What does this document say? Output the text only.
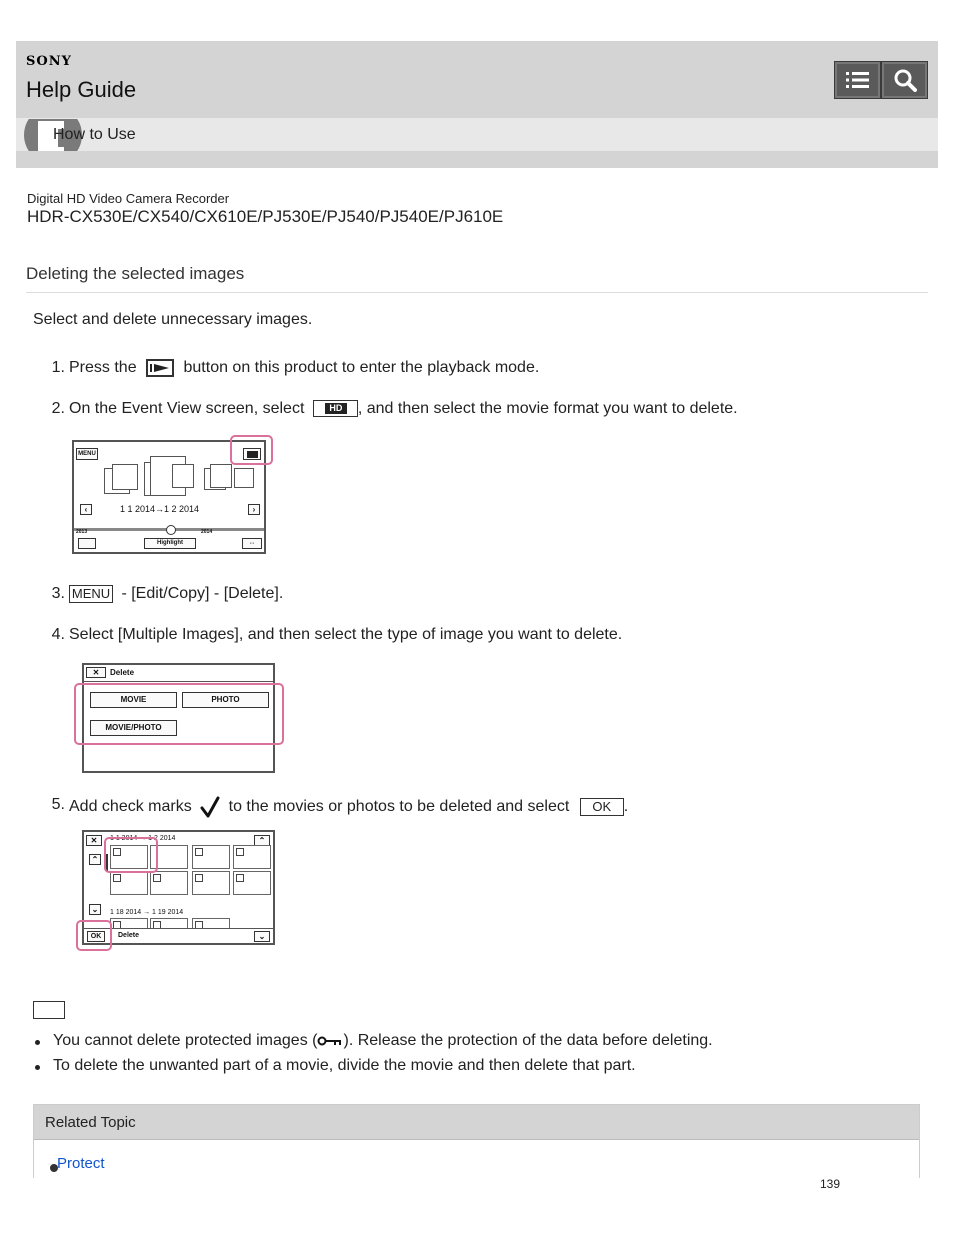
SONY
Help Guide
How to Use
Digital HD Video Camera Recorder
HDR-CX530E/CX540/CX610E/PJ530E/PJ540/PJ540E/PJ610E
Deleting the selected images
Select and delete unnecessary images.
1. Press the	button on this product to enter the playback mode.
2. On the Event View screen, select	HD , and then select the movie format you want to delete.
MENU
‹	›
1 1 2014→1 2 2014
2013	2014
Highlight	⇔
3. MENU - [Edit/Copy] - [Delete].
4. Select [Multiple Images], and then select the type of image you want to delete.
✕	Delete
MOVIE	PHOTO
MOVIE/PHOTO
5. Add check marks to the movies or photos to be deleted and select OK .
✕	⌃
1 1 2014 → 1 2 2014
⌃
⌄	1 18 2014 → 1 19 2014
OK	Delete	⌄
You cannot delete protected images ( ). Release the protection of the data before deleting.
To delete the unwanted part of a movie, divide the movie and then delete that part.
Related Topic
Protect
139
